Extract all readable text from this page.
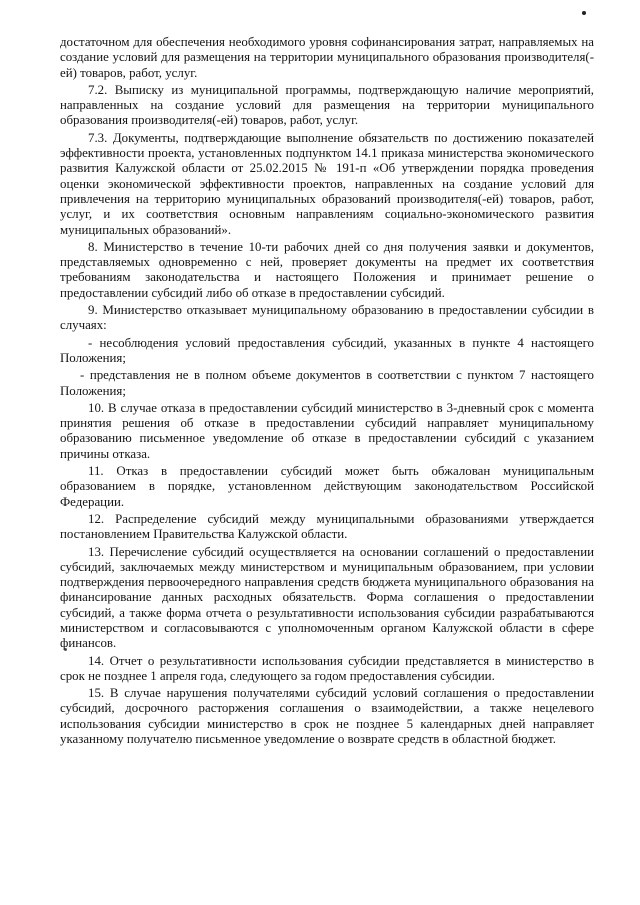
достаточном для обеспечения необходимого уровня софинансирования затрат, направляемых на создание условий для размещения на территории муниципального образования производителя(-ей) товаров, работ, услуг.

7.2. Выписку из муниципальной программы, подтверждающую наличие мероприятий, направленных на создание условий для размещения на территории муниципального образования производителя(-ей) товаров, работ, услуг.

7.3. Документы, подтверждающие выполнение обязательств по достижению показателей эффективности проекта, установленных подпунктом 14.1 приказа министерства экономического развития Калужской области от 25.02.2015 № 191-п «Об утверждении порядка проведения оценки экономической эффективности проектов, направленных на создание условий для привлечения на территорию муниципальных образований производителя(-ей) товаров, работ, услуг, и их соответствия основным направлениям социально-экономического развития муниципальных образований».

8. Министерство в течение 10-ти рабочих дней со дня получения заявки и документов, представляемых одновременно с ней, проверяет документы на предмет их соответствия требованиям законодательства и настоящего Положения и принимает решение о предоставлении субсидий либо об отказе в предоставлении субсидий.

9. Министерство отказывает муниципальному образованию в предоставлении субсидии в случаях:

- несоблюдения условий предоставления субсидий, указанных в пункте 4 настоящего Положения;

- представления не в полном объеме документов в соответствии с пунктом 7 настоящего Положения;

10. В случае отказа в предоставлении субсидий министерство в 3-дневный срок с момента принятия решения об отказе в предоставлении субсидий направляет муниципальному образованию письменное уведомление об отказе в предоставлении субсидий с указанием причины отказа.

11. Отказ в предоставлении субсидий может быть обжалован муниципальным образованием в порядке, установленном действующим законодательством Российской Федерации.

12. Распределение субсидий между муниципальными образованиями утверждается постановлением Правительства Калужской области.

13. Перечисление субсидий осуществляется на основании соглашений о предоставлении субсидий, заключаемых между министерством и муниципальным образованием, при условии подтверждения первоочередного направления средств бюджета муниципального образования на финансирование данных расходных обязательств. Форма соглашения о предоставлении субсидий, а также форма отчета о результативности использования субсидии разрабатываются министерством и согласовываются с уполномоченным органом Калужской области в сфере финансов.

14. Отчет о результативности использования субсидии представляется в министерство в срок не позднее 1 апреля года, следующего за годом предоставления субсидии.

15. В случае нарушения получателями субсидий условий соглашения о предоставлении субсидий, досрочного расторжения соглашения о взаимодействии, а также нецелевого использования субсидии министерство в срок не позднее 5 календарных дней направляет указанному получателю письменное уведомление о возврате средств в областной бюджет.
